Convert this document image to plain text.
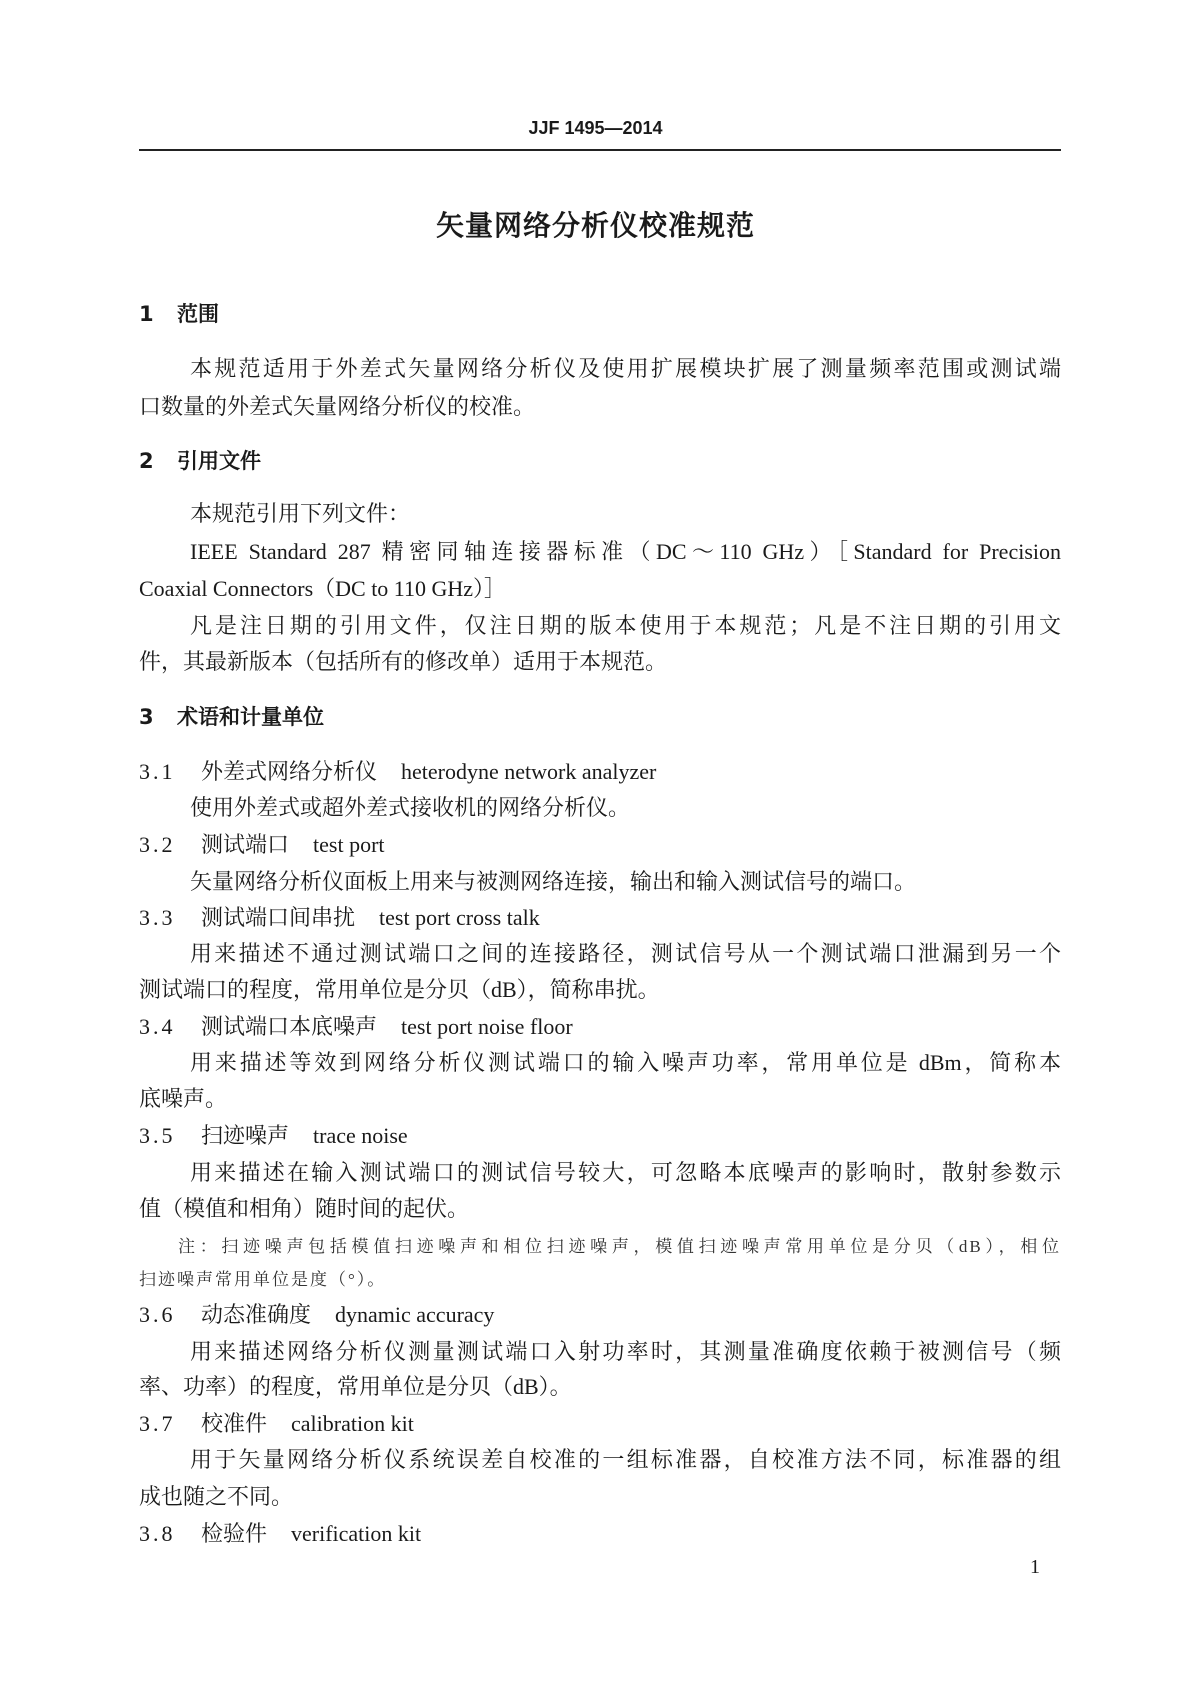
JJF 1495—2014
矢量网络分析仪校准规范
1 范围
本规范适用于外差式矢量网络分析仪及使用扩展模块扩展了测量频率范围或测试端
口数量的外差式矢量网络分析仪的校准。
2 引用文件
本规范引用下列文件：
IEEE Standard 287 精密同轴连接器标准（DC～110 GHz）［Standard for Precision
Coaxial Connectors（DC to 110 GHz）］
凡是注日期的引用文件，仅注日期的版本使用于本规范；凡是不注日期的引用文
件，其最新版本（包括所有的修改单）适用于本规范。
3 术语和计量单位
3.1 外差式网络分析仪 heterodyne network analyzer
使用外差式或超外差式接收机的网络分析仪。
3.2 测试端口 test port
矢量网络分析仪面板上用来与被测网络连接，输出和输入测试信号的端口。
3.3 测试端口间串扰 test port cross talk
用来描述不通过测试端口之间的连接路径，测试信号从一个测试端口泄漏到另一个
测试端口的程度，常用单位是分贝（dB），简称串扰。
3.4 测试端口本底噪声 test port noise floor
用来描述等效到网络分析仪测试端口的输入噪声功率，常用单位是 dBm，简称本
底噪声。
3.5 扫迹噪声 trace noise
用来描述在输入测试端口的测试信号较大，可忽略本底噪声的影响时，散射参数示
值（模值和相角）随时间的起伏。
注：扫迹噪声包括模值扫迹噪声和相位扫迹噪声，模值扫迹噪声常用单位是分贝（dB），相位
扫迹噪声常用单位是度（°）。
3.6 动态准确度 dynamic accuracy
用来描述网络分析仪测量测试端口入射功率时，其测量准确度依赖于被测信号（频
率、功率）的程度，常用单位是分贝（dB）。
3.7 校准件 calibration kit
用于矢量网络分析仪系统误差自校准的一组标准器，自校准方法不同，标准器的组
成也随之不同。
3.8 检验件 verification kit
1
